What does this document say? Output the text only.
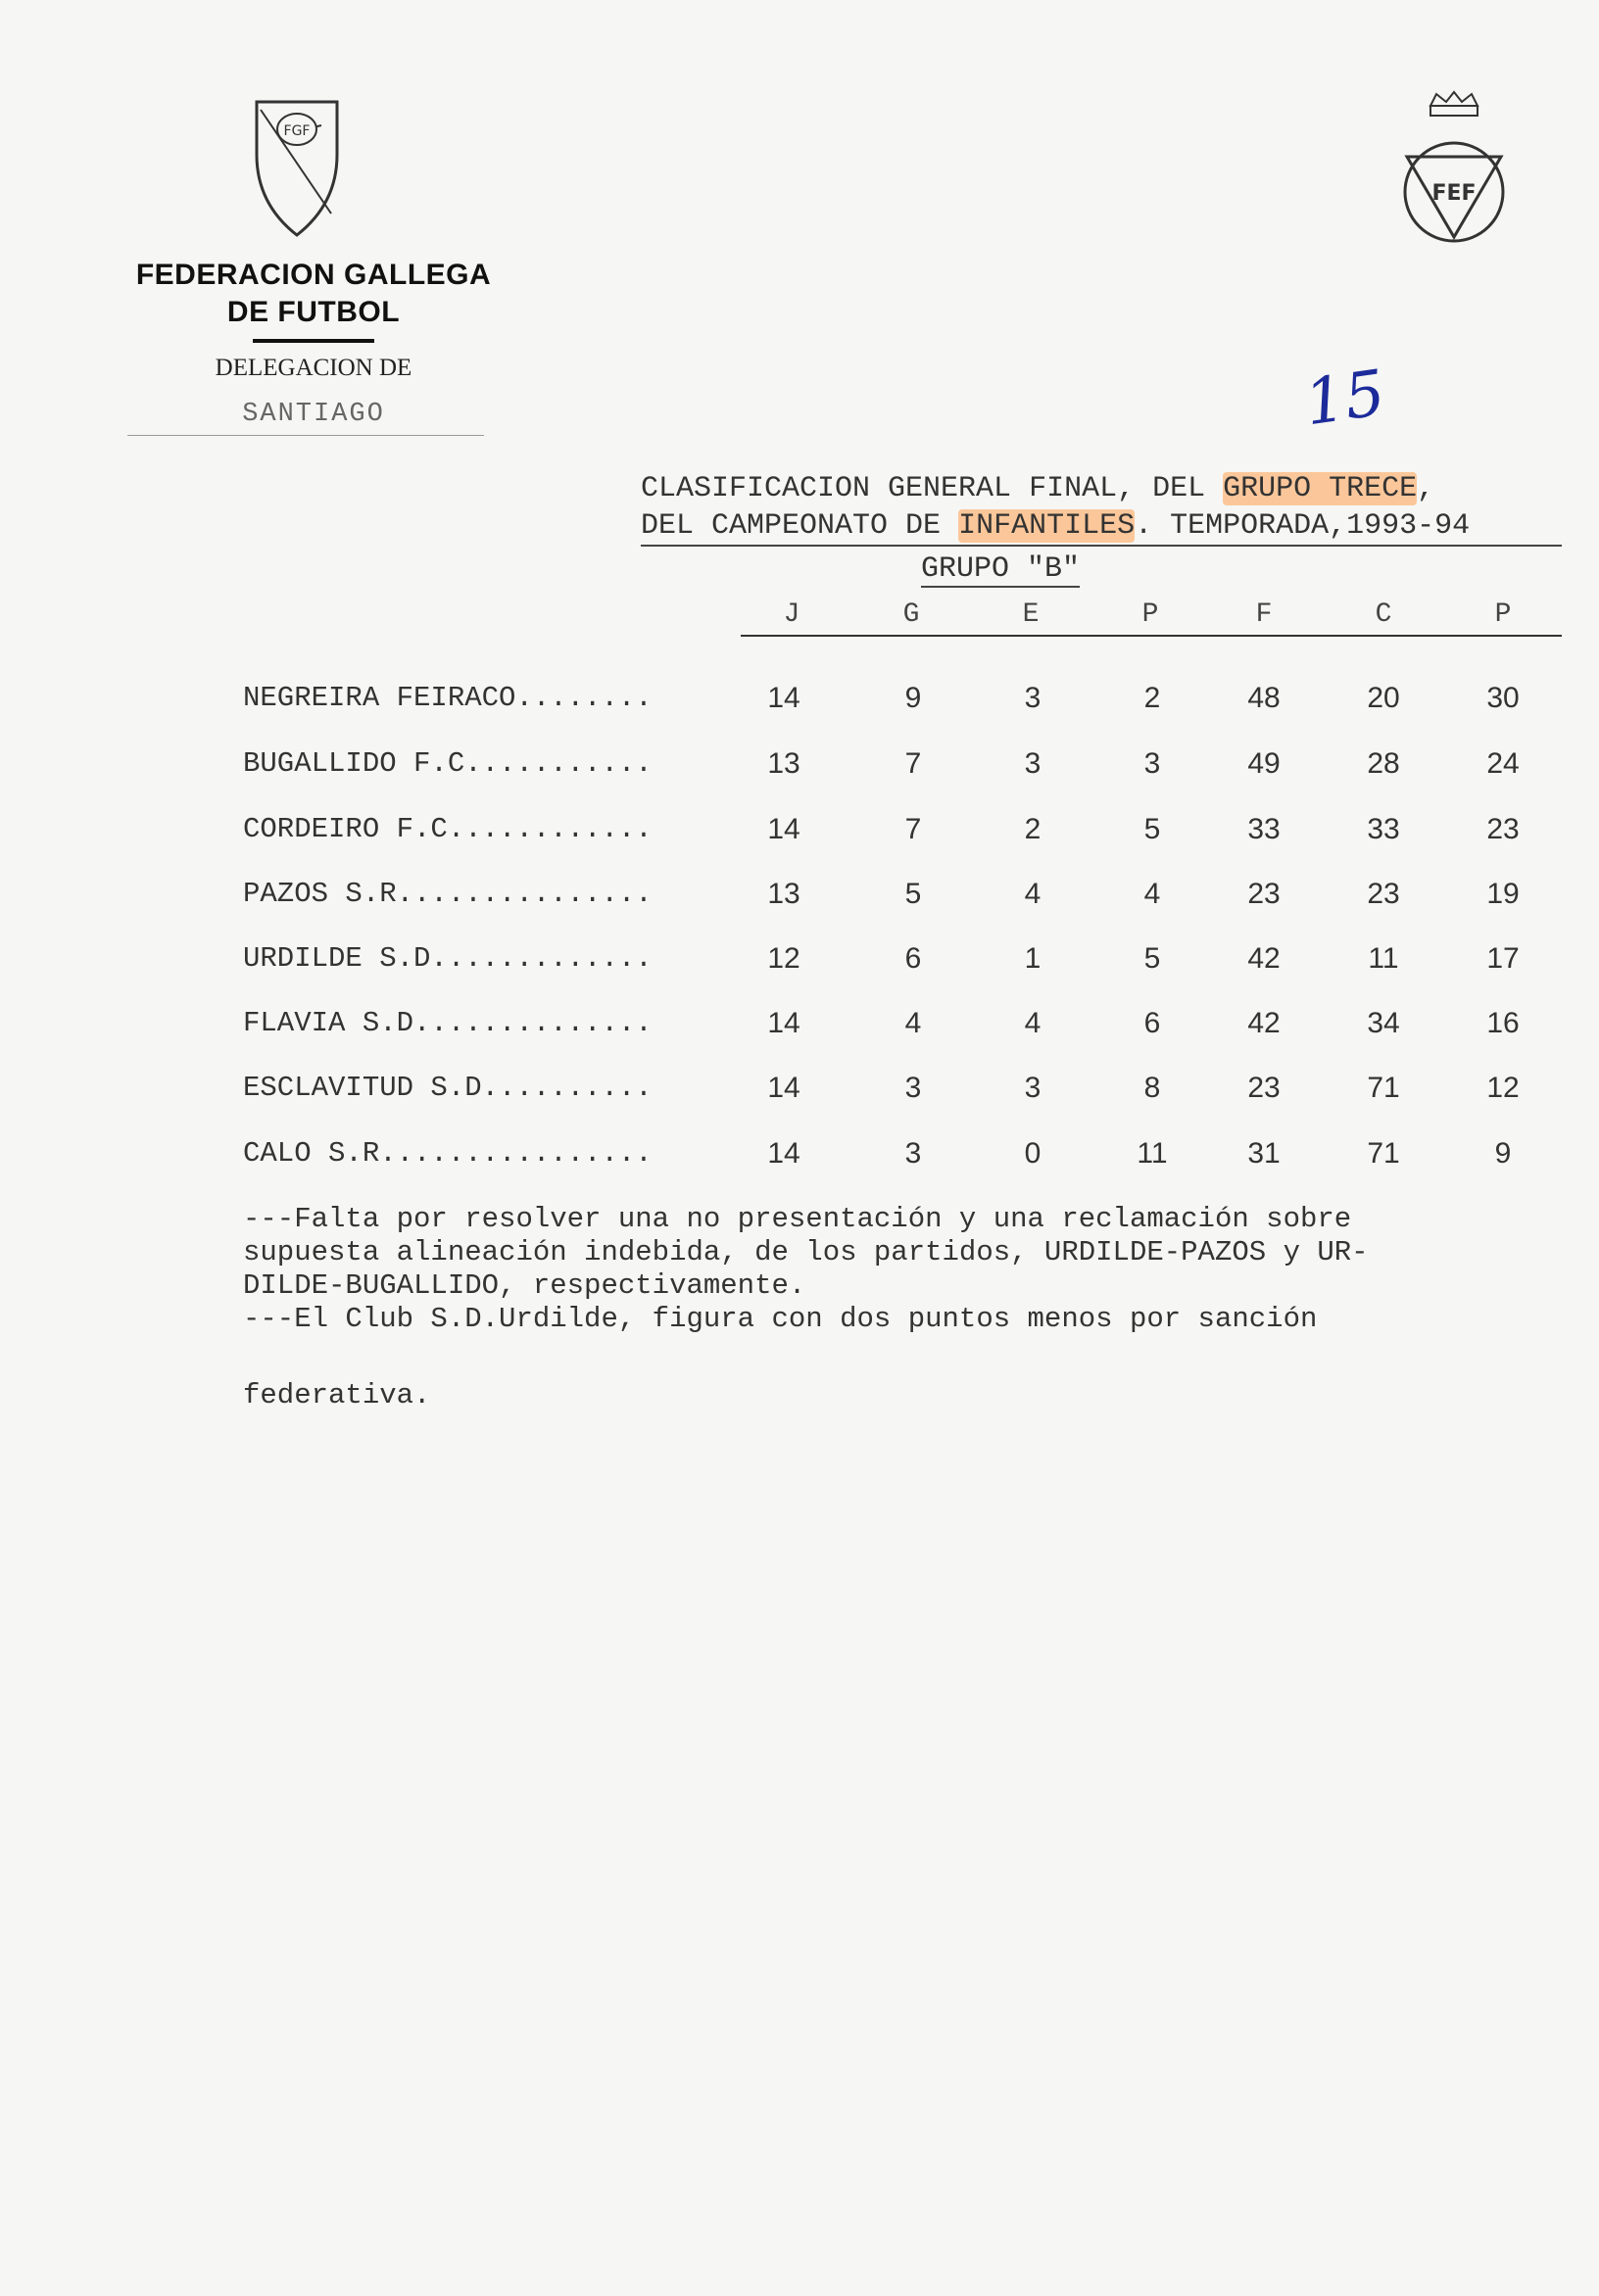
FGF
FEDERACION GALLEGA
DE FUTBOL
DELEGACION DE
SANTIAGO
FEF
15
CLASIFICACION GENERAL FINAL, DEL GRUPO TRECE,
DEL CAMPEONATO DE INFANTILES. TEMPORADA,1993-94
GRUPO "B"
J	G	E	P	F	C	P
NEGREIRA FEIRACO........	14	9	3	2	48	20	30
BUGALLIDO F.C...........	13	7	3	3	49	28	24
CORDEIRO F.C............	14	7	2	5	33	33	23
PAZOS S.R...............	13	5	4	4	23	23	19
URDILDE S.D.............	12	6	1	5	42	11	17
FLAVIA S.D..............	14	4	4	6	42	34	16
ESCLAVITUD S.D..........	14	3	3	8	23	71	12
CALO S.R................	14	3	0	11	31	71	9

---Falta por resolver una no presentación y una reclamación sobre

supuesta alineación indebida, de los partidos, URDILDE-PAZOS y UR-

DILDE-BUGALLIDO, respectivamente.

---El Club S.D.Urdilde, figura con dos puntos menos por sanción

federativa.
